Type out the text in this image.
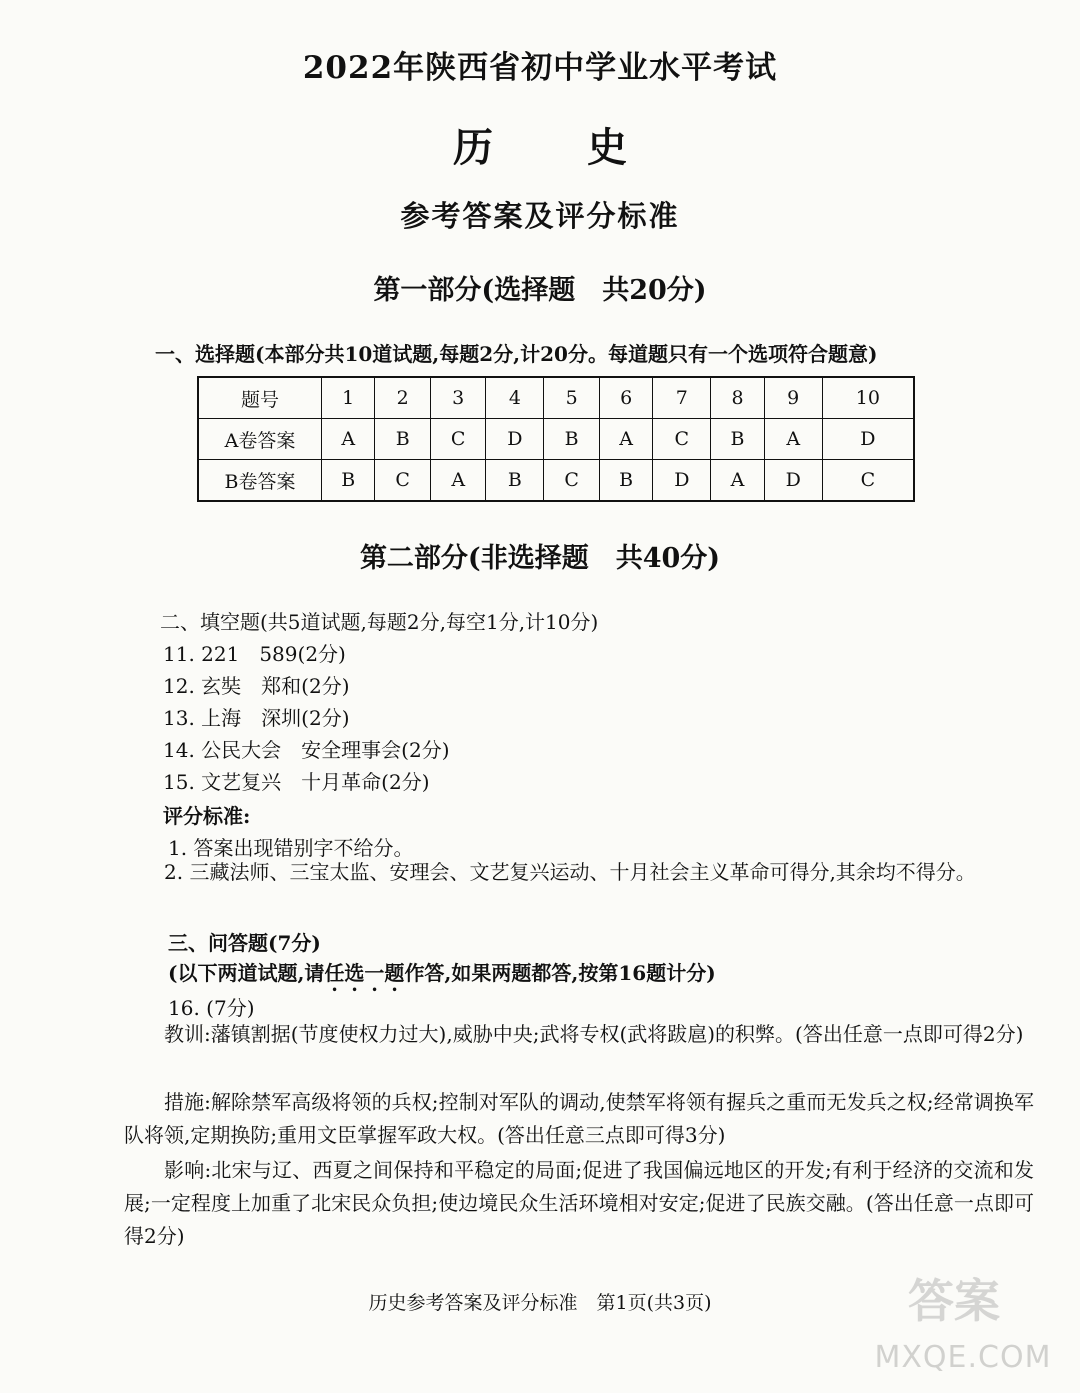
2022年陕西省初中学业水平考试
历 史
参考答案及评分标准
第一部分(选择题　共20分)
一、选择题(本部分共10道试题,每题2分,计20分。每道题只有一个选项符合题意)
题号	1	2	3	4	5	6	7	8	9	10
A卷答案	A	B	C	D	B	A	C	B	A	D
B卷答案	B	C	A	B	C	B	D	A	D	C
第二部分(非选择题　共40分)
二、填空题(共5道试题,每题2分,每空1分,计10分)
11. 221　589(2分)
12. 玄奘　郑和(2分)
13. 上海　深圳(2分)
14. 公民大会　安全理事会(2分)
15. 文艺复兴　十月革命(2分)
评分标准:
1. 答案出现错别字不给分。

2. 三藏法师、三宝太监、安理会、文艺复兴运动、十月社会主义革命可得分,其余均不得分。

三、问答题(7分)
(以下两道试题,请任选一题作答,如果两题都答,按第16题计分)
16. (7分)

教训:藩镇割据(节度使权力过大),威胁中央;武将专权(武将跋扈)的积弊。(答出任意一点即可得2分)

措施:解除禁军高级将领的兵权;控制对军队的调动,使禁军将领有握兵之重而无发兵之权;经常调换军队将领,定期换防;重用文臣掌握军政大权。(答出任意三点即可得3分)

影响:北宋与辽、西夏之间保持和平稳定的局面;促进了我国偏远地区的开发;有利于经济的交流和发展;一定程度上加重了北宋民众负担;使边境民众生活环境相对安定;促进了民族交融。(答出任意一点即可得2分)

历史参考答案及评分标准　第1页(共3页)	答案
MXQE.COM
